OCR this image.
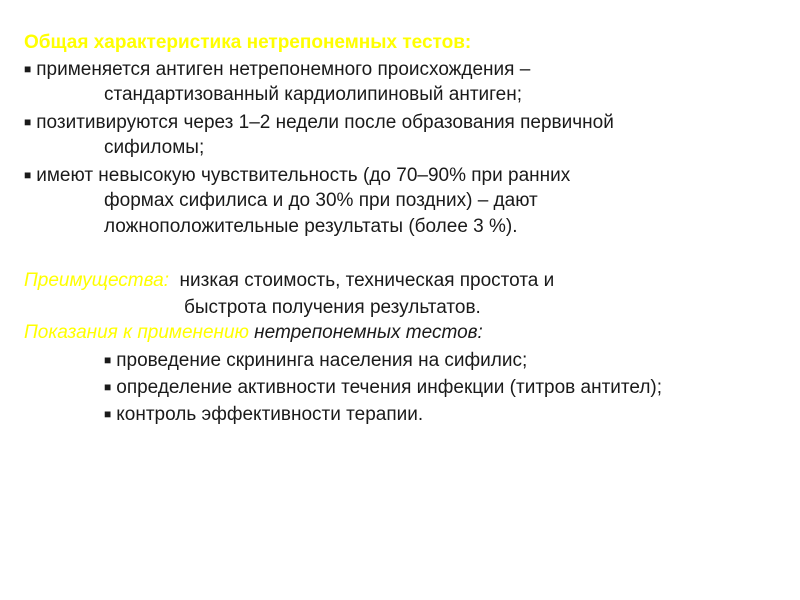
Общая характеристика нетрепонемных тестов:
■ применяется антиген нетрепонемного происхождения –
стандартизованный кардиолипиновый антиген;
■ позитивируются через 1–2 недели после образования первичной
сифиломы;
■ имеют невысокую чувствительность (до 70–90% при ранних
формах сифилиса и до 30% при поздних) – дают
ложноположительные результаты (более 3 %).
Преимущества: низкая стоимость, техническая простота и
быстрота получения результатов.
Показания к применению нетрепонемных тестов:
■ проведение скрининга населения на сифилис;
■ определение активности течения инфекции (титров антител);
■ контроль эффективности терапии.
